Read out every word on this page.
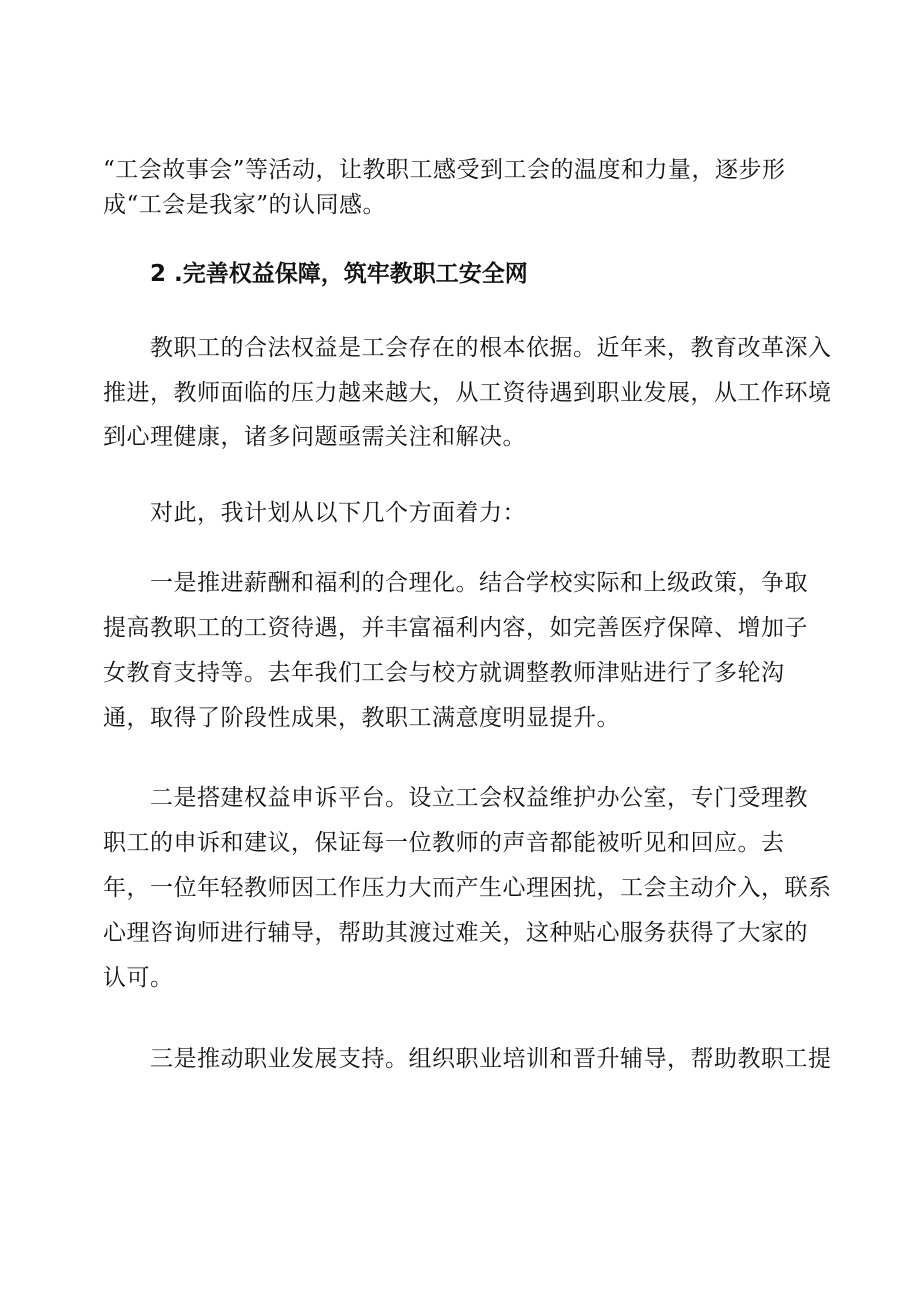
“工会故事会”等活动，让教职工感受到工会的温度和力量，逐步形
成“工会是我家”的认同感。
2 .完善权益保障，筑牢教职工安全网
教职工的合法权益是工会存在的根本依据。近年来，教育改革深入
推进，教师面临的压力越来越大，从工资待遇到职业发展，从工作环境
到心理健康，诸多问题亟需关注和解决。
对此，我计划从以下几个方面着力：
一是推进薪酬和福利的合理化。结合学校实际和上级政策，争取
提高教职工的工资待遇，并丰富福利内容，如完善医疗保障、增加子
女教育支持等。去年我们工会与校方就调整教师津贴进行了多轮沟
通，取得了阶段性成果，教职工满意度明显提升。
二是搭建权益申诉平台。设立工会权益维护办公室，专门受理教
职工的申诉和建议，保证每一位教师的声音都能被听见和回应。去
年，一位年轻教师因工作压力大而产生心理困扰，工会主动介入，联系
心理咨询师进行辅导，帮助其渡过难关，这种贴心服务获得了大家的
认可。
三是推动职业发展支持。组织职业培训和晋升辅导，帮助教职工提
